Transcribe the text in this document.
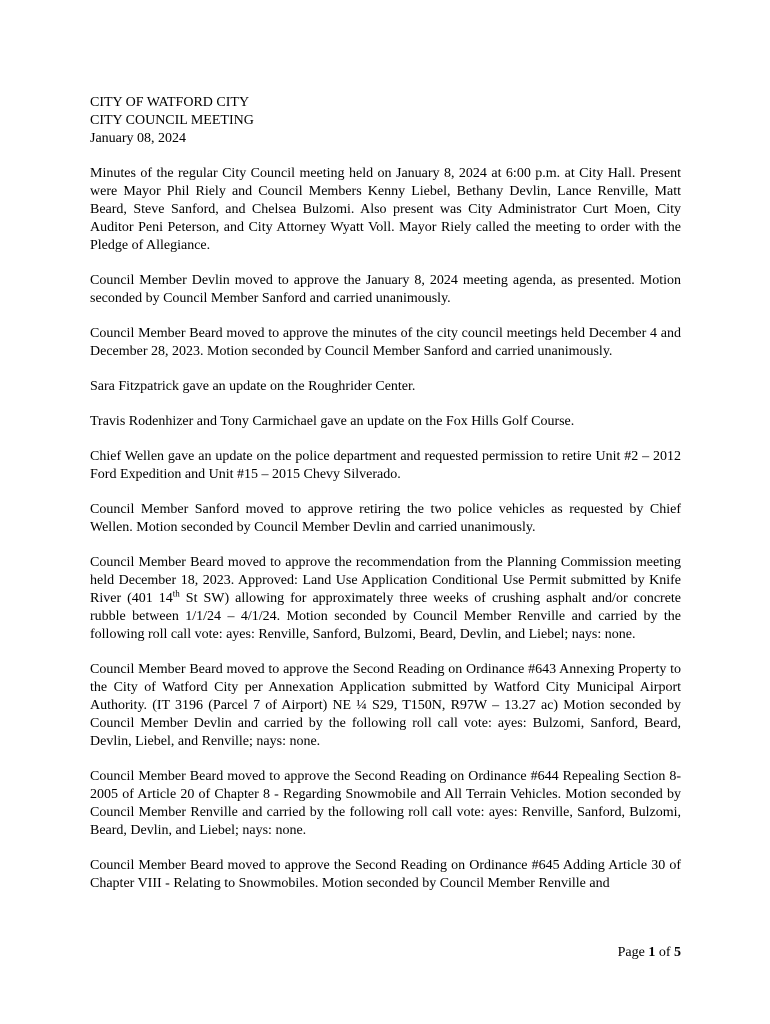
CITY OF WATFORD CITY
CITY COUNCIL MEETING
January 08, 2024

Minutes of the regular City Council meeting held on January 8, 2024 at 6:00 p.m. at City Hall. Present were Mayor Phil Riely and Council Members Kenny Liebel, Bethany Devlin, Lance Renville, Matt Beard, Steve Sanford, and Chelsea Bulzomi. Also present was City Administrator Curt Moen, City Auditor Peni Peterson, and City Attorney Wyatt Voll. Mayor Riely called the meeting to order with the Pledge of Allegiance.

Council Member Devlin moved to approve the January 8, 2024 meeting agenda, as presented. Motion seconded by Council Member Sanford and carried unanimously.

Council Member Beard moved to approve the minutes of the city council meetings held December 4 and December 28, 2023. Motion seconded by Council Member Sanford and carried unanimously.

Sara Fitzpatrick gave an update on the Roughrider Center.

Travis Rodenhizer and Tony Carmichael gave an update on the Fox Hills Golf Course.

Chief Wellen gave an update on the police department and requested permission to retire Unit #2 – 2012 Ford Expedition and Unit #15 – 2015 Chevy Silverado.

Council Member Sanford moved to approve retiring the two police vehicles as requested by Chief Wellen. Motion seconded by Council Member Devlin and carried unanimously.

Council Member Beard moved to approve the recommendation from the Planning Commission meeting held December 18, 2023. Approved: Land Use Application Conditional Use Permit submitted by Knife River (401 14th St SW) allowing for approximately three weeks of crushing asphalt and/or concrete rubble between 1/1/24 – 4/1/24. Motion seconded by Council Member Renville and carried by the following roll call vote: ayes: Renville, Sanford, Bulzomi, Beard, Devlin, and Liebel; nays: none.

Council Member Beard moved to approve the Second Reading on Ordinance #643 Annexing Property to the City of Watford City per Annexation Application submitted by Watford City Municipal Airport Authority. (IT 3196 (Parcel 7 of Airport) NE ¼ S29, T150N, R97W – 13.27 ac) Motion seconded by Council Member Devlin and carried by the following roll call vote: ayes: Bulzomi, Sanford, Beard, Devlin, Liebel, and Renville; nays: none.

Council Member Beard moved to approve the Second Reading on Ordinance #644 Repealing Section 8-2005 of Article 20 of Chapter 8 - Regarding Snowmobile and All Terrain Vehicles. Motion seconded by Council Member Renville and carried by the following roll call vote: ayes: Renville, Sanford, Bulzomi, Beard, Devlin, and Liebel; nays: none.

Council Member Beard moved to approve the Second Reading on Ordinance #645 Adding Article 30 of Chapter VIII - Relating to Snowmobiles. Motion seconded by Council Member Renville and

Page 1 of 5
